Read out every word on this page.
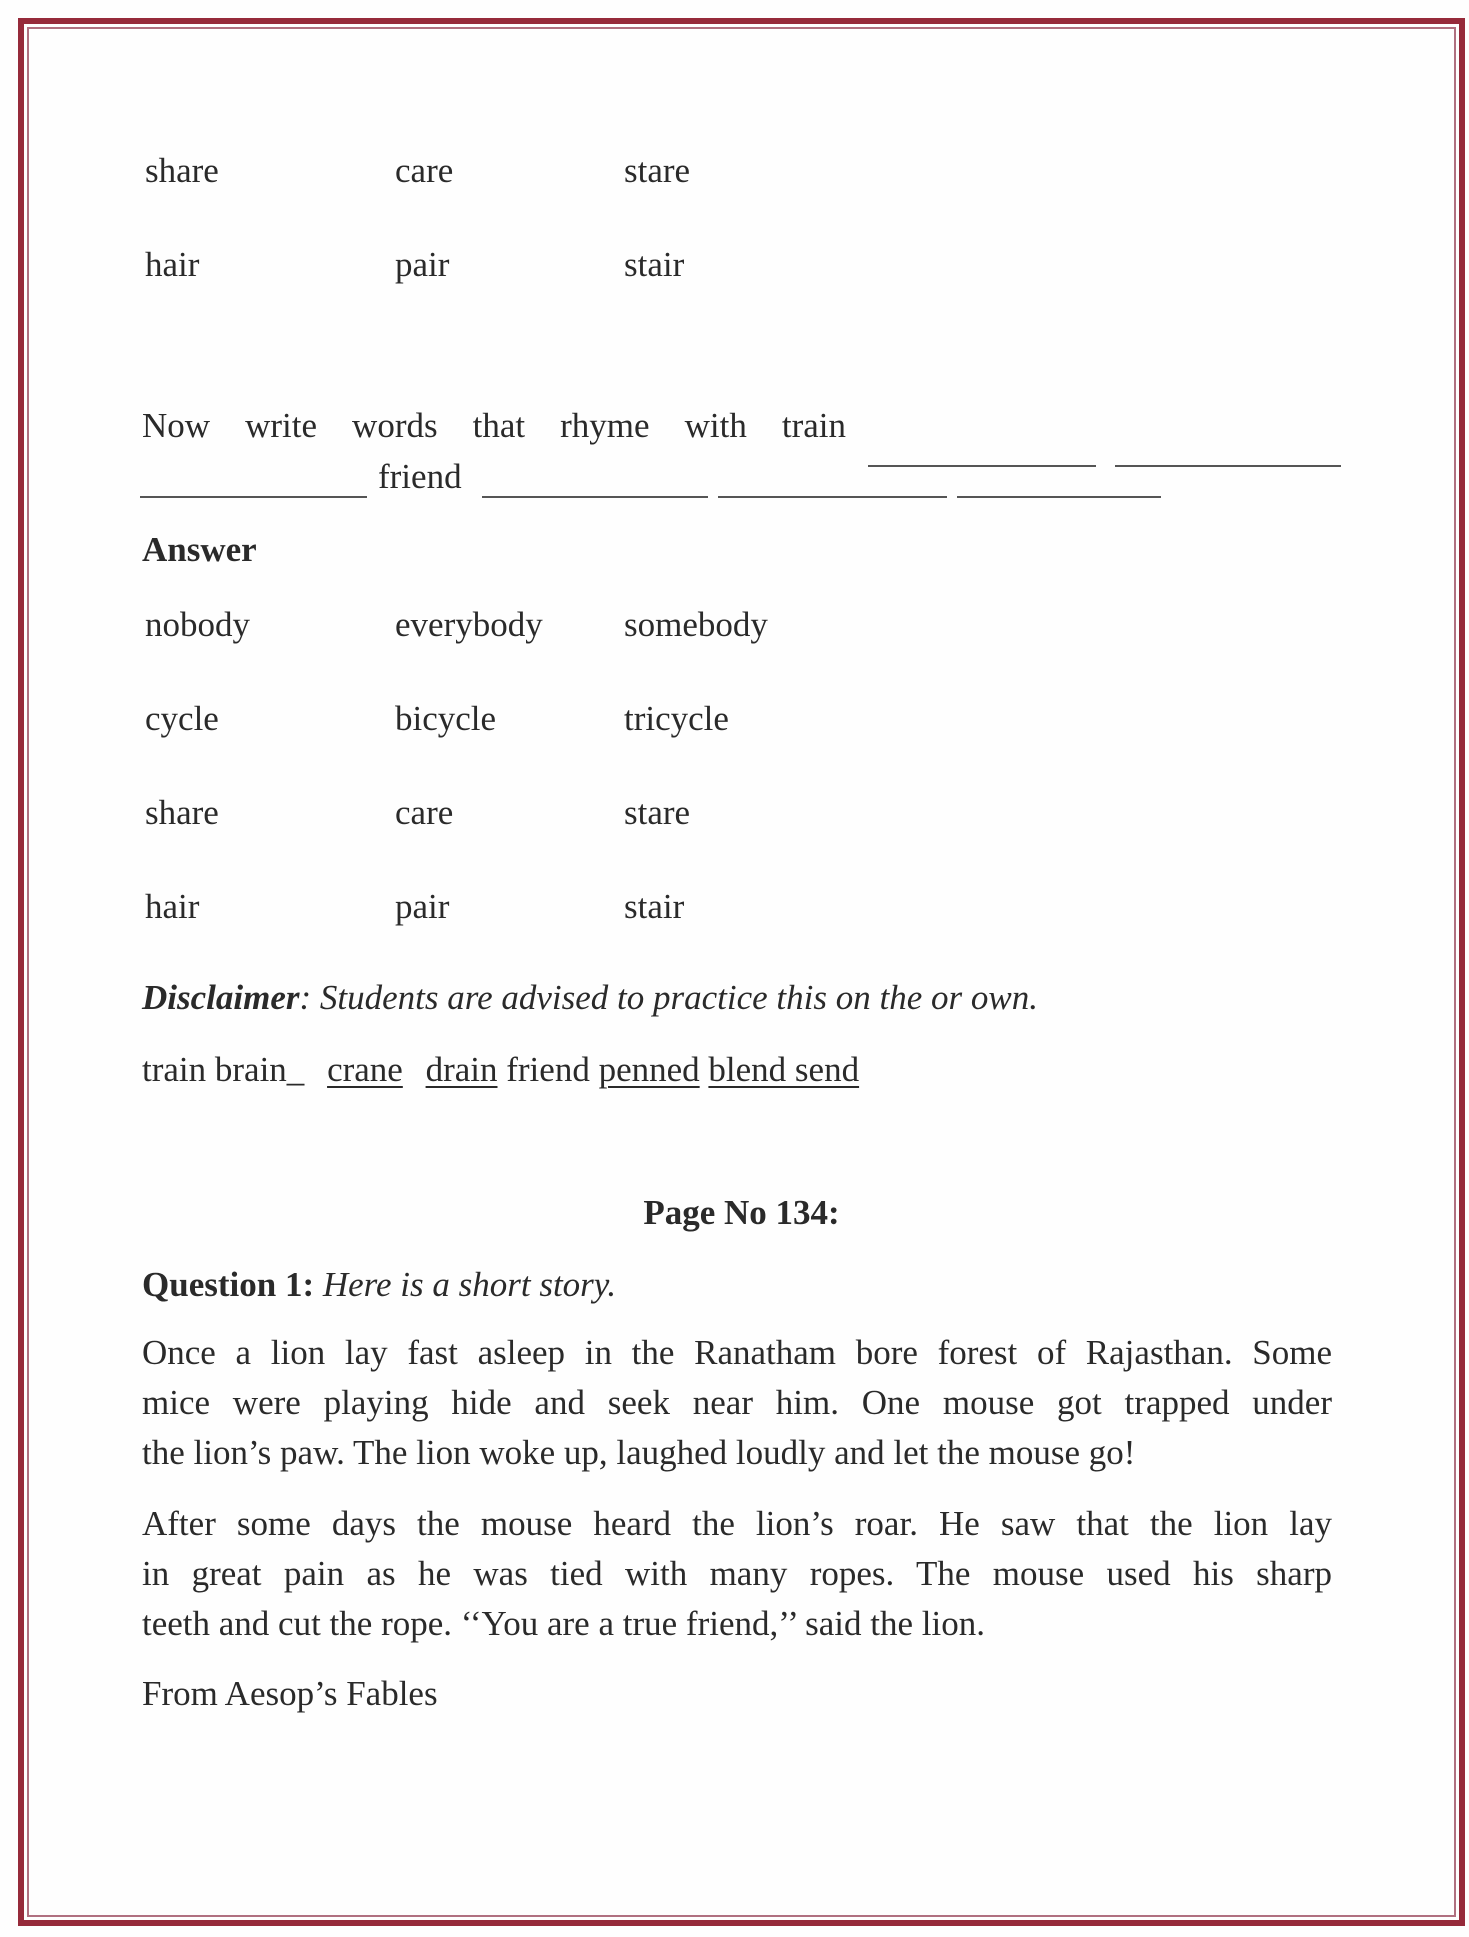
share	care	stare
hair	pair	stair
Now write words that rhyme with train
friend
Answer
nobody	everybody somebody
cycle	bicycle	tricycle
share	care	stare
hair	pair	stair
Disclaimer: Students are advised to practice this on the or own.
train brain_ crane drain friend penned blend send
Page No 134:
Question 1: Here is a short story.
Once a lion lay fast asleep in the Ranatham bore forest of Rajasthan. Some
mice were playing hide and seek near him. One mouse got trapped under
the lion’s paw. The lion woke up, laughed loudly and let the mouse go!
After some days the mouse heard the lion’s roar. He saw that the lion lay
in great pain as he was tied with many ropes. The mouse used his sharp
teeth and cut the rope. ‘‘You are a true friend,’’ said the lion.
From Aesop’s Fables
